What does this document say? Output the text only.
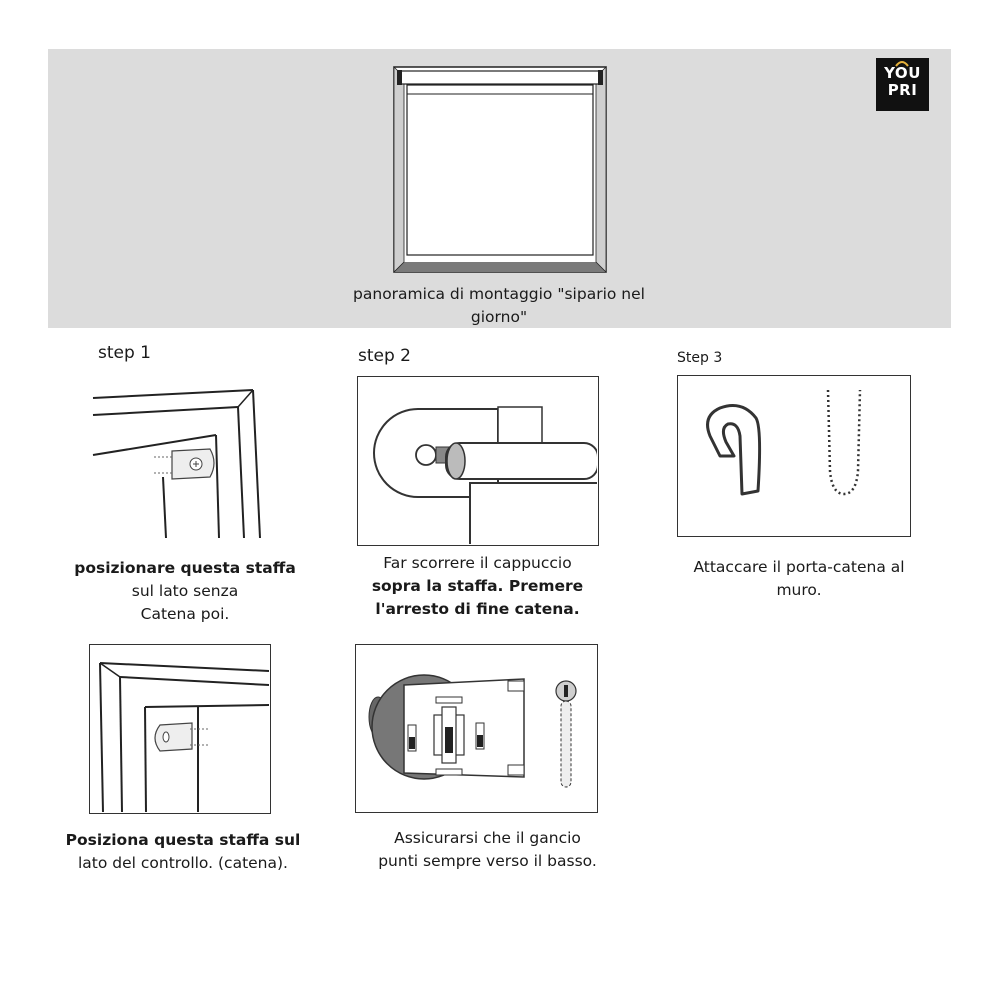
panoramica di montaggio "sipario nel
giorno"
YOU
PRI
step 1	step 2	Step 3
posizionare questa staffa
sul lato senza
Catena poi.
Far scorrere il cappuccio
sopra la staffa. Premere
l'arresto di fine catena.
Attaccare il porta-catena al
muro.
Posiziona questa staffa sul
lato del controllo. (catena).
Assicurarsi che il gancio
punti sempre verso il basso.
